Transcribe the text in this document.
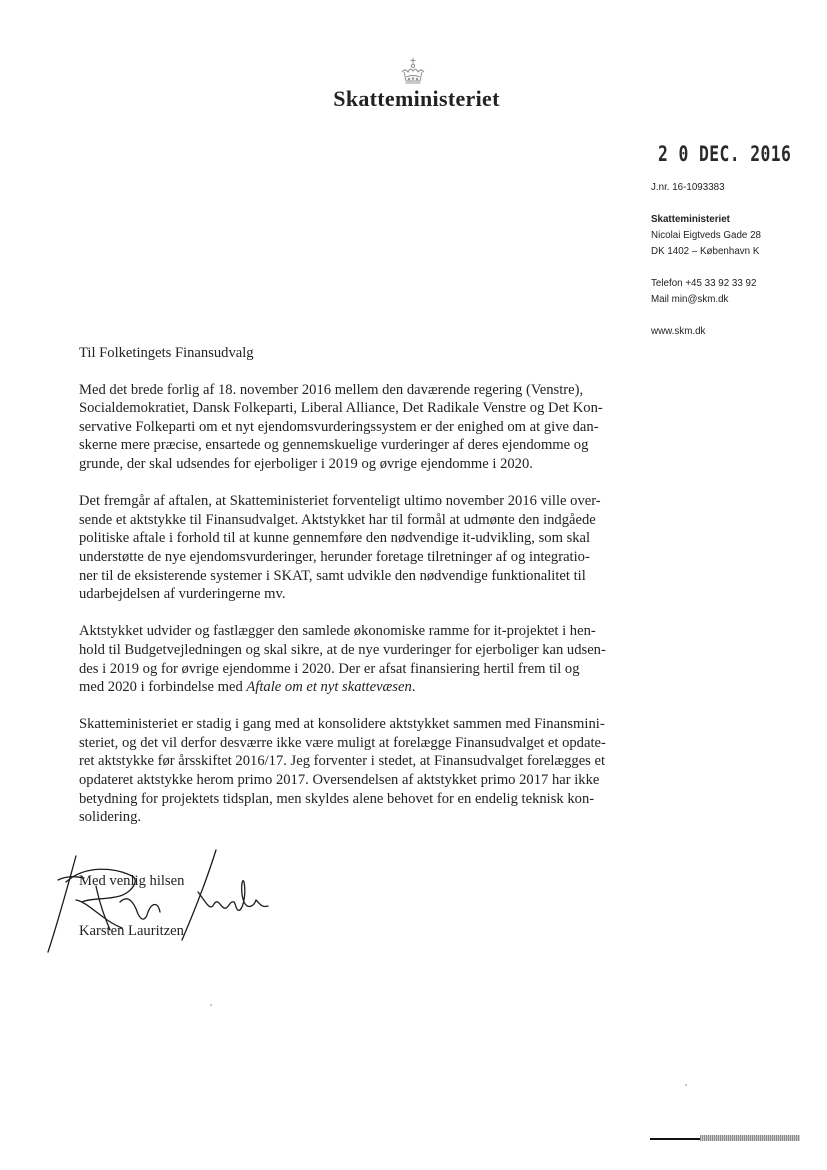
Skatteministeriet
2 0 DEC. 2016
J.nr. 16-1093383
Skatteministeriet
Nicolai Eigtveds Gade 28
DK 1402 – København K
Telefon +45 33 92 33 92
Mail min@skm.dk
www.skm.dk
Til Folketingets Finansudvalg
Med det brede forlig af 18. november 2016 mellem den daværende regering (Venstre),
Socialdemokratiet, Dansk Folkeparti, Liberal Alliance, Det Radikale Venstre og Det Kon-
servative Folkeparti om et nyt ejendomsvurderingssystem er der enighed om at give dan-
skerne mere præcise, ensartede og gennemskuelige vurderinger af deres ejendomme og
grunde, der skal udsendes for ejerboliger i 2019 og øvrige ejendomme i 2020.
Det fremgår af aftalen, at Skatteministeriet forventeligt ultimo november 2016 ville over-
sende et aktstykke til Finansudvalget. Aktstykket har til formål at udmønte den indgåede
politiske aftale i forhold til at kunne gennemføre den nødvendige it-udvikling, som skal
understøtte de nye ejendomsvurderinger, herunder foretage tilretninger af og integratio-
ner til de eksisterende systemer i SKAT, samt udvikle den nødvendige funktionalitet til
udarbejdelsen af vurderingerne mv.
Aktstykket udvider og fastlægger den samlede økonomiske ramme for it-projektet i hen-
hold til Budgetvejledningen og skal sikre, at de nye vurderinger for ejerboliger kan udsen-
des i 2019 og for øvrige ejendomme i 2020. Der er afsat finansiering hertil frem til og
med 2020 i forbindelse med Aftale om et nyt skattevæsen.
Skatteministeriet er stadig i gang med at konsolidere aktstykket sammen med Finansmini-
steriet, og det vil derfor desværre ikke være muligt at forelægge Finansudvalget et opdate-
ret aktstykke før årsskiftet 2016/17. Jeg forventer i stedet, at Finansudvalget forelægges et
opdateret aktstykke herom primo 2017. Oversendelsen af aktstykket primo 2017 har ikke
betydning for projektets tidsplan, men skyldes alene behovet for en endelig teknisk kon-
solidering.
Med venlig hilsen
Karsten Lauritzen
